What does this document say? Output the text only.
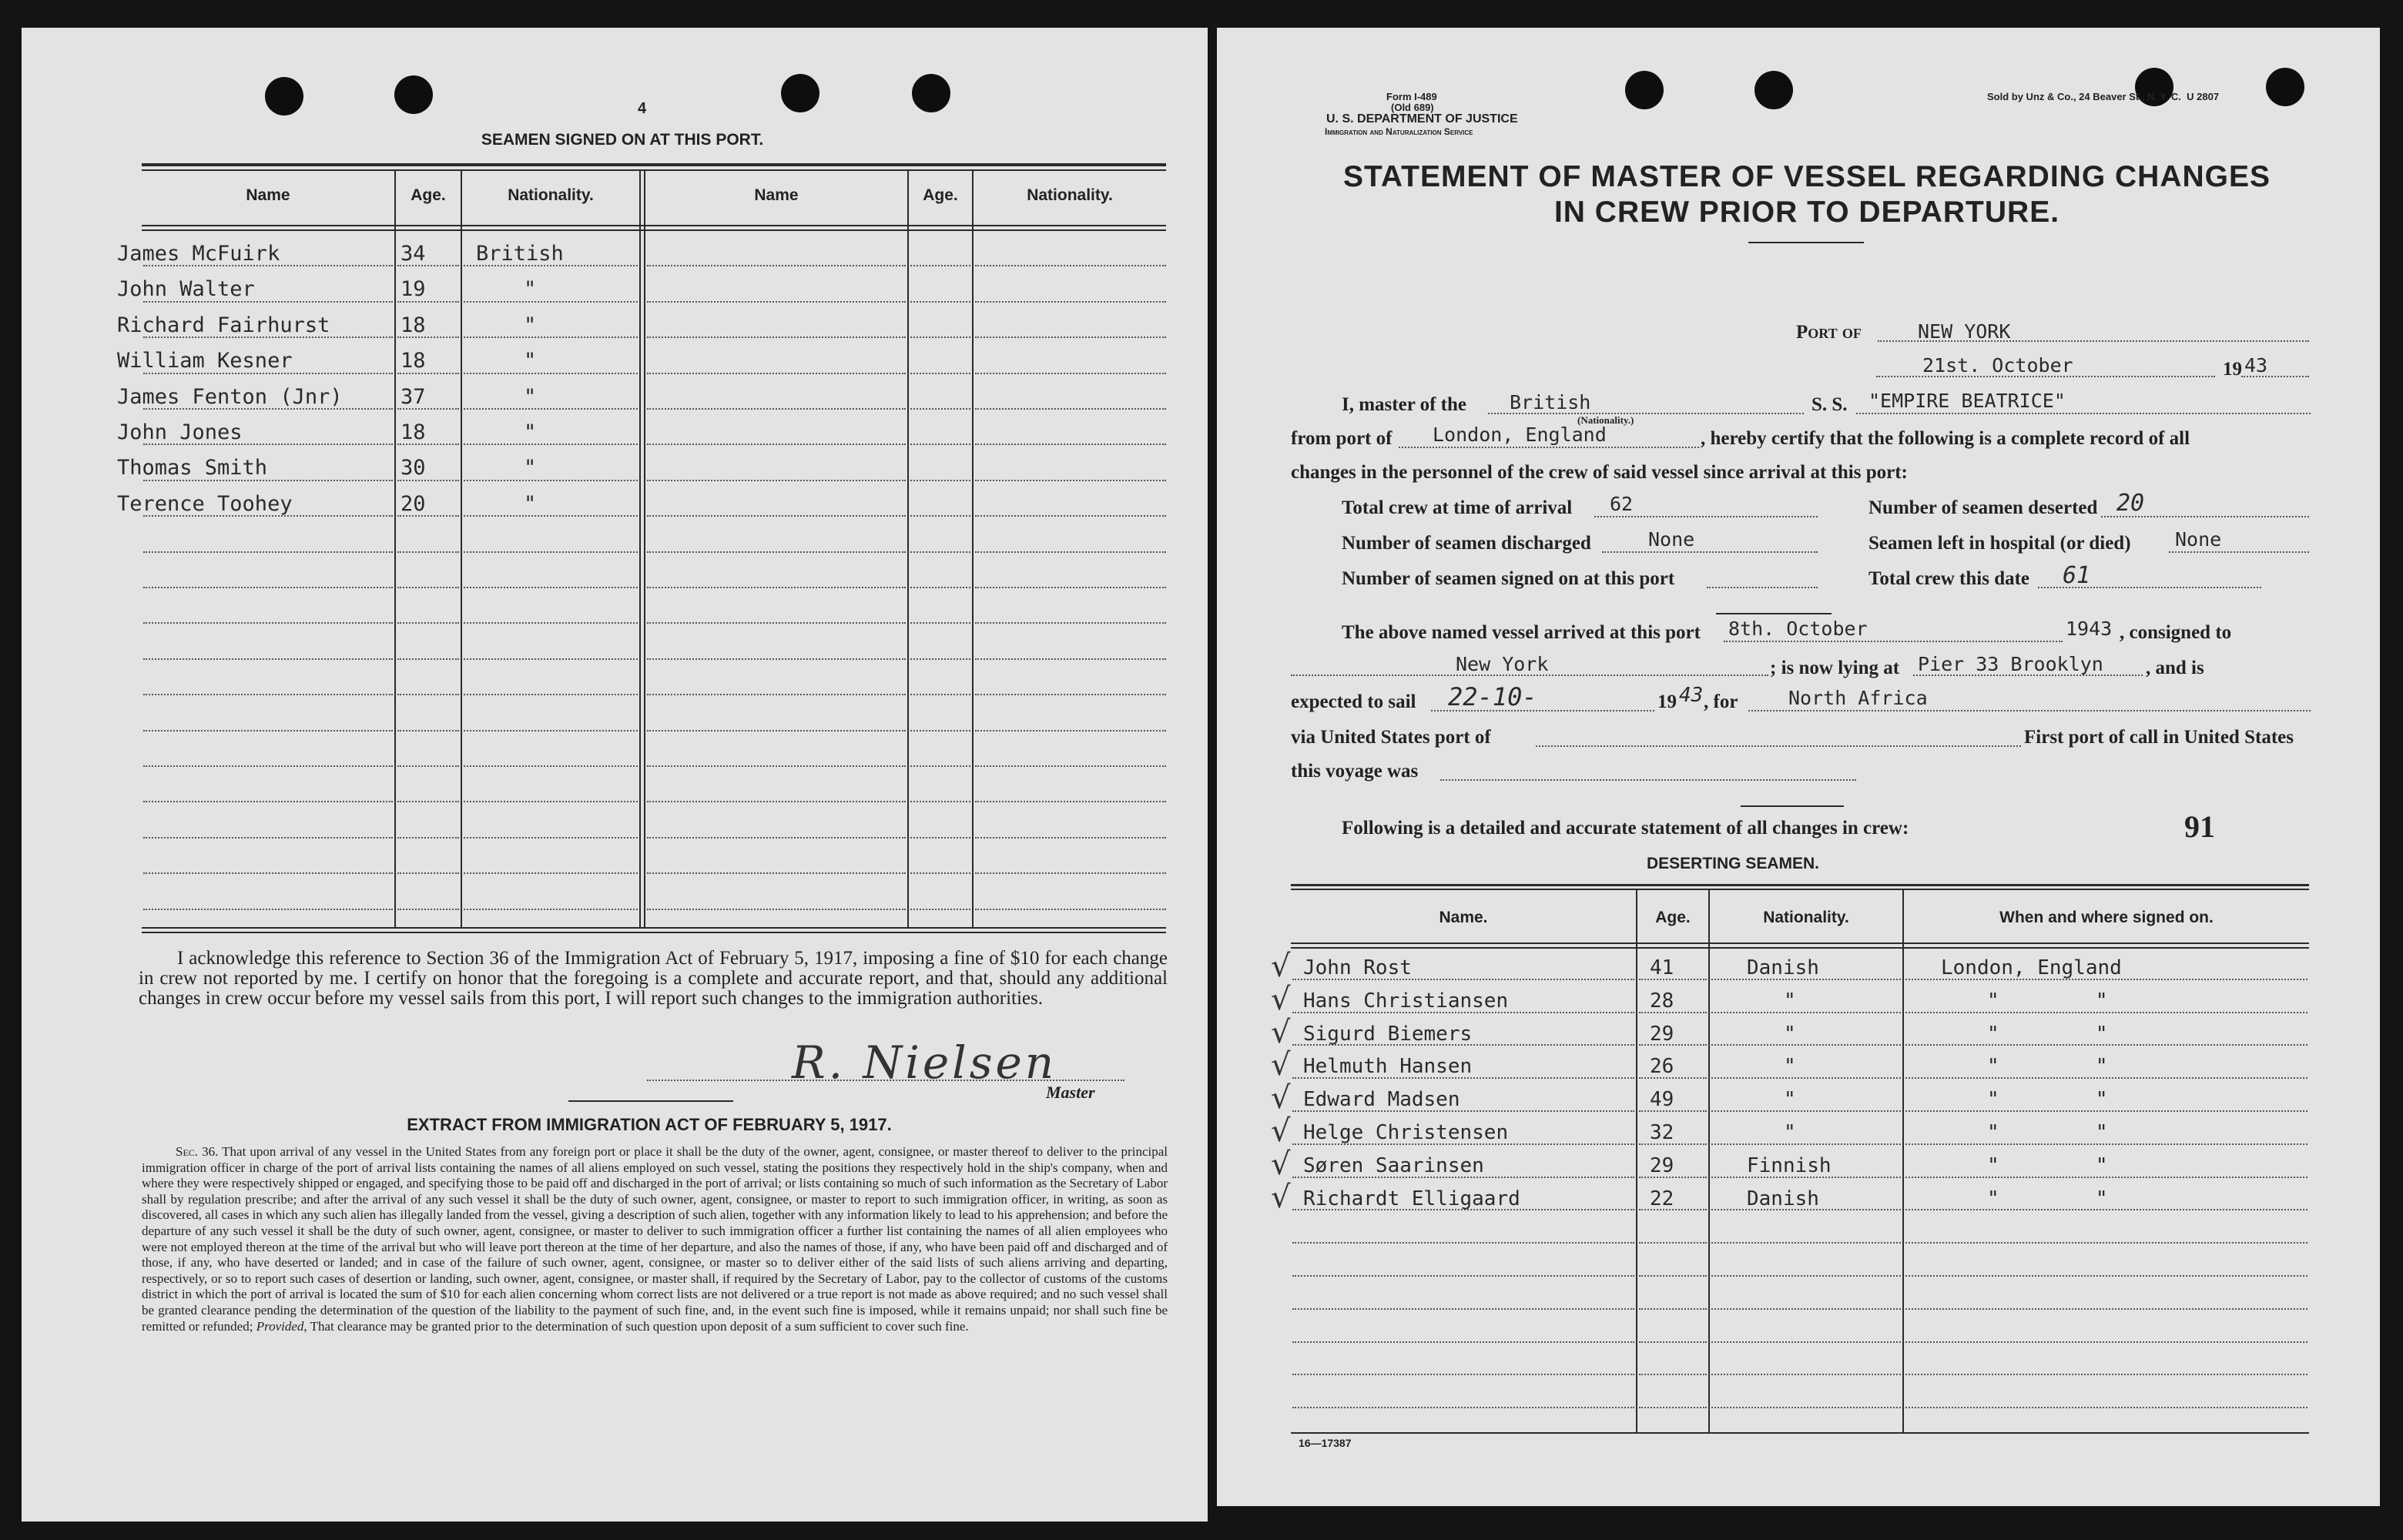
4
SEAMEN SIGNED ON AT THIS PORT.
Name	Age.	Nationality.	Name	Age.	Nationality.
James McFuirk	34 British
John Walter	19	"
Richard Fairhurst	18	"
William Kesner	18	"
James Fenton (Jnr)	37	"
John Jones	18	"
Thomas Smith	30	"
Terence Toohey	20	"
I acknowledge this reference to Section 36 of the Immigration Act of February 5, 1917, imposing a fine of $10 for each change in crew not reported by me. I certify on honor that the foregoing is a complete and accurate report, and that, should any additional changes in crew occur before my vessel sails from this port, I will report such changes to the immigration authorities.
R. Nielsen
Master
EXTRACT FROM IMMIGRATION ACT OF FEBRUARY 5, 1917.
Sec. 36. That upon arrival of any vessel in the United States from any foreign port or place it shall be the duty of the owner, agent, consignee, or master thereof to deliver to the principal immigration officer in charge of the port of arrival lists containing the names of all aliens employed on such vessel, stating the positions they respectively hold in the ship's company, when and where they were respectively shipped or engaged, and specifying those to be paid off and discharged in the port of arrival; or lists containing so much of such information as the Secretary of Labor shall by regulation prescribe; and after the arrival of any such vessel it shall be the duty of such owner, agent, consignee, or master to report to such immigration officer, in writing, as soon as discovered, all cases in which any such alien has illegally landed from the vessel, giving a description of such alien, together with any information likely to lead to his apprehension; and before the departure of any such vessel it shall be the duty of such owner, agent, consignee, or master to deliver to such immigration officer a further list containing the names of all alien employees who were not employed thereon at the time of the arrival but who will leave port thereon at the time of her departure, and also the names of those, if any, who have been paid off and discharged and of those, if any, who have deserted or landed; and in case of the failure of such owner, agent, consignee, or master so to deliver either of the said lists of such aliens arriving and departing, respectively, or so to report such cases of desertion or landing, such owner, agent, consignee, or master shall, if required by the Secretary of Labor, pay to the collector of customs of the customs district in which the port of arrival is located the sum of $10 for each alien concerning whom correct lists are not delivered or a true report is not made as above required; and no such vessel shall be granted clearance pending the determination of the question of the liability to the payment of such fine, and, in the event such fine is imposed, while it remains unpaid; nor shall such fine be remitted or refunded; Provided, That clearance may be granted prior to the determination of such question upon deposit of a sum sufficient to cover such fine.
Form I-489
(Old 689)
U. S. DEPARTMENT OF JUSTICE
Immigration and Naturalization Service
Sold by Unz & Co., 24 Beaver St., N. Y. C. U 2807
STATEMENT OF MASTER OF VESSEL REGARDING CHANGES
IN CREW PRIOR TO DEPARTURE.
Port of	NEW YORK
21st. October	19 43
I, master of the British
(Nationality.)
S. S. "EMPIRE BEATRICE"
from port of London, England	, hereby certify that the following is a complete record of all
changes in the personnel of the crew of said vessel since arrival at this port:
Total crew at time of arrival 62	Number of seamen deserted 20
Number of seamen discharged	None	Seamen left in hospital (or died) None
Number of seamen signed on at this port	Total crew this date 61
The above named vessel arrived at this port 8th. October	1943 , consigned to
New York	; is now lying at Pier 33 Brooklyn , and is
expected to sail 22-10-	19 43 , for	North Africa
via United States port of	First port of call in United States
this voyage was
Following is a detailed and accurate statement of all changes in crew:	91
DESERTING SEAMEN.
Name.	Age.	Nationality.	When and where signed on.
√ John Rost	41	Danish	London, England
√ Hans Christiansen	28	"	"        "
√ Sigurd Biemers	29	"	"        "
√ Helmuth Hansen	26	"	"        "
√ Edward Madsen	49	"	"        "
√ Helge Christensen	32	"	"        "
√ Søren Saarinsen	29	Finnish	"        "
√ Richardt Elligaard	22	Danish	"        "
16—17387
